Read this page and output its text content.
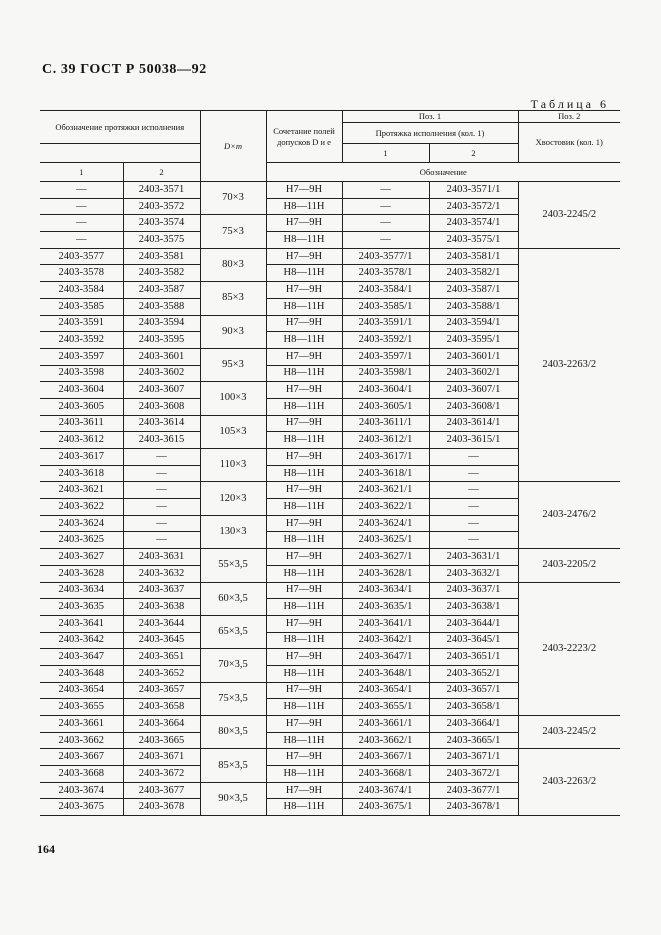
С. 39 ГОСТ Р 50038—92
Таблица 6
Обозначение протяжки исполнения		D×m	Сочетание полей допусков D и e	Поз. 1		Поз. 2
				Протяжка исполнения (кол. 1)		Хвостовик (кол. 1)
				1	2	
1	2		Обозначение			
—	2403-3571	70×3	H7—9H	—	2403-3571/1	2403-2245/2
—	2403-3572		H8—11H	—	2403-3572/1	
—	2403-3574	75×3	H7—9H	—	2403-3574/1	
—	2403-3575		H8—11H	—	2403-3575/1	
2403-3577	2403-3581	80×3	H7—9H	2403-3577/1	2403-3581/1	2403-2263/2
2403-3578	2403-3582		H8—11H	2403-3578/1	2403-3582/1	
2403-3584	2403-3587	85×3	H7—9H	2403-3584/1	2403-3587/1	
2403-3585	2403-3588		H8—11H	2403-3585/1	2403-3588/1	
2403-3591	2403-3594	90×3	H7—9H	2403-3591/1	2403-3594/1	
2403-3592	2403-3595		H8—11H	2403-3592/1	2403-3595/1	
2403-3597	2403-3601	95×3	H7—9H	2403-3597/1	2403-3601/1	
2403-3598	2403-3602		H8—11H	2403-3598/1	2403-3602/1	
2403-3604	2403-3607	100×3	H7—9H	2403-3604/1	2403-3607/1	
2403-3605	2403-3608		H8—11H	2403-3605/1	2403-3608/1	
2403-3611	2403-3614	105×3	H7—9H	2403-3611/1	2403-3614/1	
2403-3612	2403-3615		H8—11H	2403-3612/1	2403-3615/1	
2403-3617	—	110×3	H7—9H	2403-3617/1	—	
2403-3618	—		H8—11H	2403-3618/1	—	
2403-3621	—	120×3	H7—9H	2403-3621/1	—	2403-2476/2
2403-3622	—		H8—11H	2403-3622/1	—	
2403-3624	—	130×3	H7—9H	2403-3624/1	—	
2403-3625	—		H8—11H	2403-3625/1	—	
2403-3627	2403-3631	55×3,5	H7—9H	2403-3627/1	2403-3631/1	2403-2205/2
2403-3628	2403-3632		H8—11H	2403-3628/1	2403-3632/1	
2403-3634	2403-3637	60×3,5	H7—9H	2403-3634/1	2403-3637/1	2403-2223/2
2403-3635	2403-3638		H8—11H	2403-3635/1	2403-3638/1	
2403-3641	2403-3644	65×3,5	H7—9H	2403-3641/1	2403-3644/1	
2403-3642	2403-3645		H8—11H	2403-3642/1	2403-3645/1	
2403-3647	2403-3651	70×3,5	H7—9H	2403-3647/1	2403-3651/1	
2403-3648	2403-3652		H8—11H	2403-3648/1	2403-3652/1	
2403-3654	2403-3657	75×3,5	H7—9H	2403-3654/1	2403-3657/1	
2403-3655	2403-3658		H8—11H	2403-3655/1	2403-3658/1	
2403-3661	2403-3664	80×3,5	H7—9H	2403-3661/1	2403-3664/1	2403-2245/2
2403-3662	2403-3665		H8—11H	2403-3662/1	2403-3665/1	
2403-3667	2403-3671	85×3,5	H7—9H	2403-3667/1	2403-3671/1	2403-2263/2
2403-3668	2403-3672		H8—11H	2403-3668/1	2403-3672/1	
2403-3674	2403-3677	90×3,5	H7—9H	2403-3674/1	2403-3677/1	
2403-3675	2403-3678		H8—11H	2403-3675/1	2403-3678/1	
164
